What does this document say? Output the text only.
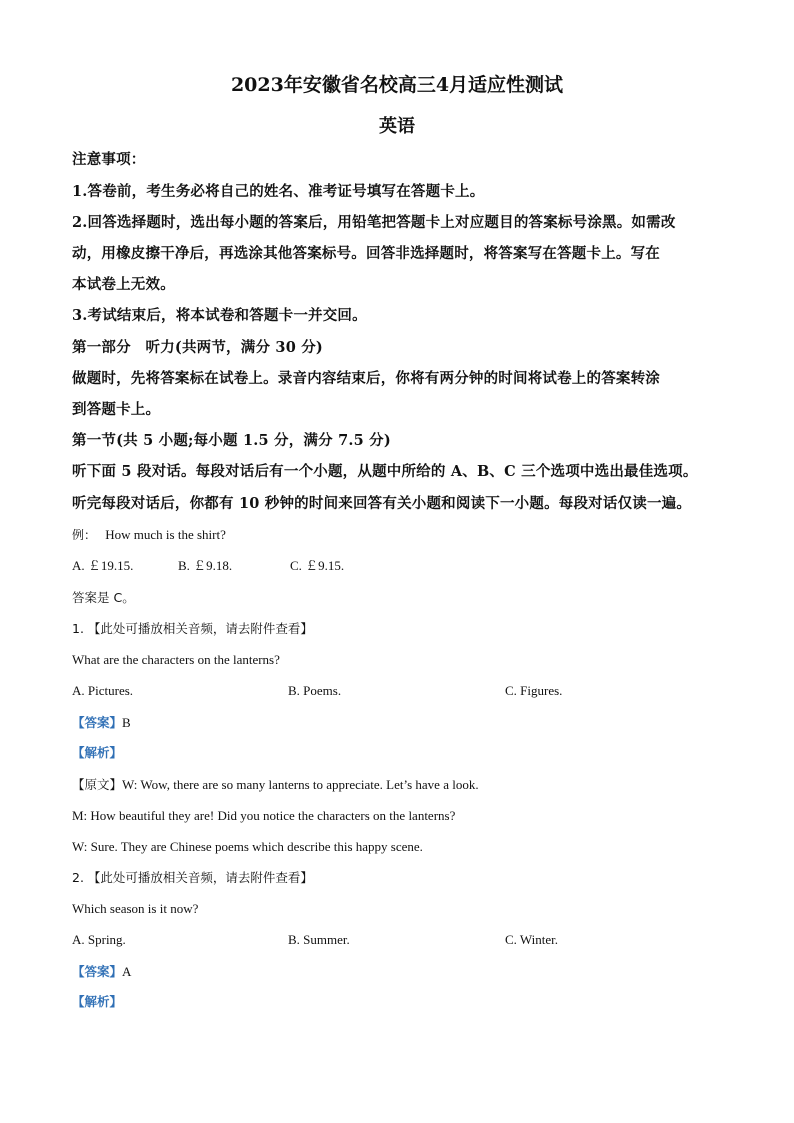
2023年安徽省名校高三4月适应性测试
英语
注意事项：
1.答卷前，考生务必将自己的姓名、准考证号填写在答题卡上。
2.回答选择题时，选出每小题的答案后，用铅笔把答题卡上对应题目的答案标号涂黑。如需改
动，用橡皮擦干净后，再选涂其他答案标号。回答非选择题时，将答案写在答题卡上。写在
本试卷上无效。
3.考试结束后，将本试卷和答题卡一并交回。
第一部分　听力(共两节，满分 30 分)
做题时，先将答案标在试卷上。录音内容结束后，你将有两分钟的时间将试卷上的答案转涂
到答题卡上。
第一节(共 5 小题;每小题 1.5 分，满分 7.5 分)
听下面 5 段对话。每段对话后有一个小题，从题中所给的 A、B、C 三个选项中选出最佳选项。
听完每段对话后，你都有 10 秒钟的时间来回答有关小题和阅读下一小题。每段对话仅读一遍。
例： How much is the shirt?
A. ￡19.15.	B. ￡9.18.	C. ￡9.15.
答案是 C。
1. 【此处可播放相关音频，请去附件查看】
What are the characters on the lanterns?
A. Pictures.	B. Poems.	C. Figures.
【答案】B
【解析】
【原文】W: Wow, there are so many lanterns to appreciate. Let’s have a look.
M: How beautiful they are! Did you notice the characters on the lanterns?
W: Sure. They are Chinese poems which describe this happy scene.
2. 【此处可播放相关音频，请去附件查看】
Which season is it now?
A. Spring.	B. Summer.	C. Winter.
【答案】A
【解析】
